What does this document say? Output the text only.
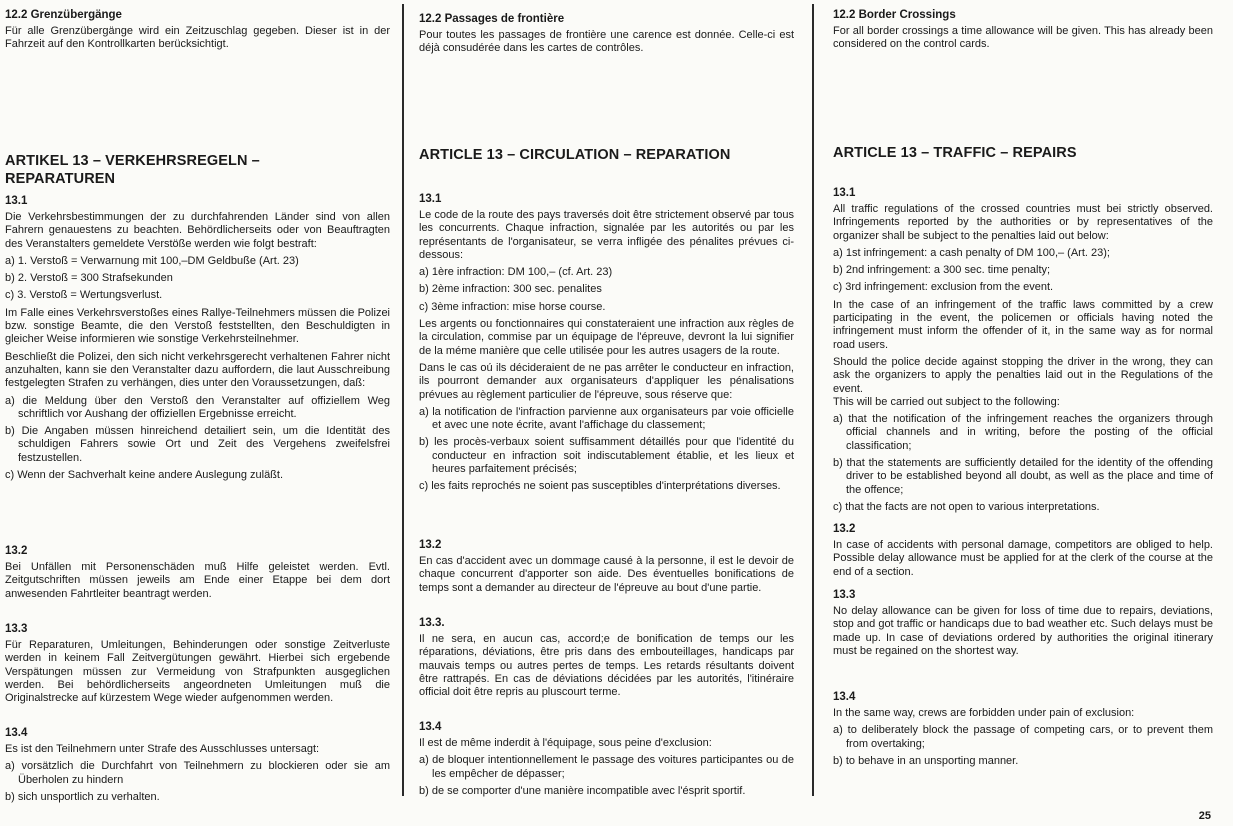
12.2 Grenzübergänge

Für alle Grenzübergänge wird ein Zeitzuschlag gegeben. Dieser ist in der Fahrzeit auf den Kontrollkarten berücksichtigt.

ARTIKEL 13 – VERKEHRSREGELN – REPARATUREN
13.1

Die Verkehrsbestimmungen der zu durchfahrenden Länder sind von allen Fahrern genauestens zu beachten. Behördlicherseits oder von Beauftragten des Veranstalters gemeldete Verstöße werden wie folgt bestraft:

a) 1. Verstoß = Verwarnung mit 100,–DM Geldbuße (Art. 23)

b) 2. Verstoß = 300 Strafsekunden

c) 3. Verstoß = Wertungsverlust.

Im Falle eines Verkehrsverstoßes eines Rallye-Teilnehmers müssen die Polizei bzw. sonstige Beamte, die den Verstoß feststellten, den Beschuldigten in gleicher Weise informieren wie sonstige Verkehrsteilnehmer.

Beschließt die Polizei, den sich nicht verkehrsgerecht verhaltenen Fahrer nicht anzuhalten, kann sie den Veranstalter dazu auffordern, die laut Ausschreibung festgelegten Strafen zu verhängen, dies unter den Voraussetzungen, daß:

a) die Meldung über den Verstoß den Veranstalter auf offiziellem Weg schriftlich vor Aushang der offiziellen Ergebnisse erreicht.

b) Die Angaben müssen hinreichend detailiert sein, um die Identität des schuldigen Fahrers sowie Ort und Zeit des Vergehens zweifelsfrei festzustellen.

c) Wenn der Sachverhalt keine andere Auslegung zuläßt.

13.2

Bei Unfällen mit Personenschäden muß Hilfe geleistet werden. Evtl. Zeitgutschriften müssen jeweils am Ende einer Etappe bei dem dort anwesenden Fahrtleiter beantragt werden.

13.3

Für Reparaturen, Umleitungen, Behinderungen oder sonstige Zeitverluste werden in keinem Fall Zeitvergütungen gewährt. Hierbei sich ergebende Verspätungen müssen zur Vermeidung von Strafpunkten ausgeglichen werden. Bei behördlicherseits angeordneten Umleitungen muß die Originalstrecke auf kürzestem Wege wieder aufgenommen werden.

13.4

Es ist den Teilnehmern unter Strafe des Ausschlusses untersagt:

a) vorsätzlich die Durchfahrt von Teilnehmern zu blockieren oder sie am Überholen zu hindern

b) sich unsportlich zu verhalten.

12.2 Passages de frontière

Pour toutes les passages de frontière une carence est donnée. Celle-ci est déjà consudérée dans les cartes de contrôles.

ARTICLE 13 – CIRCULATION – REPARATION
13.1

Le code de la route des pays traversés doit être strictement observé par tous les concurrents. Chaque infraction, signalée par les autorités ou par les représentants de l'organisateur, se verra infligée des pénalites prévues ci-dessous:

a) 1ère infraction: DM 100,– (cf. Art. 23)

b) 2ème infraction: 300 sec. penalites

c) 3ème infraction: mise horse course.

Les argents ou fonctionnaires qui constateraient une infraction aux règles de la circulation, commise par un équipage de l'épreuve, devront la lui signifier de la méme manière que celle utilisée pour les autres usagers de la route.

Dans le cas oú ils décideraient de ne pas arrêter le conducteur en infraction, ils pourront demander aux organisateurs d'appliquer les pénalisations prévues au règlement particulier de l'épreuve, sous réserve que:

a) la notification de l'infraction parvienne aux organisateurs par voie officielle et avec une note écrite, avant l'affichage du classement;

b) les procès-verbaux soient suffisamment détaillés pour que l'identité du conducteur en infraction soit indiscutablement établie, et les lieux et heures parfaitement précisés;

c) les faits reprochés ne soient pas susceptibles d'interprétations diverses.

13.2

En cas d'accident avec un dommage causé à la personne, il est le devoir de chaque concurrent d'apporter son aide. Des éventuelles bonifications de temps sont a demander au directeur de l'épreuve au bout d'une partie.

13.3.

Il ne sera, en aucun cas, accord;e de bonification de temps our les réparations, déviations, être pris dans des embouteillages, handicaps par mauvais temps ou autres pertes de temps. Les retards résultants doivent être rattrapés. En cas de déviations décidées par les autorités, l'itinéraire official doit être repris au pluscourt terme.

13.4

Il est de même inderdit à l'équipage, sous peine d'exclusion:

a) de bloquer intentionnellement le passage des voitures participantes ou de les empêcher de dépasser;

b) de se comporter d'une manière incompatible avec l'ésprit sportif.

12.2 Border Crossings

For all border crossings a time allowance will be given. This has already been considered on the control cards.

ARTICLE 13 – TRAFFIC – REPAIRS
13.1

All traffic regulations of the crossed countries must bei strictly observed. Infringements reported by the authorities or by representatives of the organizer shall be subject to the penalties laid out below:

a) 1st infringement: a cash penalty of DM 100,– (Art. 23);

b) 2nd infringement: a 300 sec. time penalty;

c) 3rd infringement: exclusion from the event.

In the case of an infringement of the traffic laws committed by a crew participating in the event, the policemen or officials having noted the infringement must inform the offender of it, in the same way as for normal road users.

Should the police decide against stopping the driver in the wrong, they can ask the organizers to apply the penalties laid out in the Regulations of the event.

This will be carried out subject to the following:

a) that the notification of the infringement reaches the organizers through official channels and in writing, before the posting of the official classification;

b) that the statements are sufficiently detailed for the identity of the offending driver to be established beyond all doubt, as well as the place and time of the offence;

c) that the facts are not open to various interpretations.

13.2

In case of accidents with personal damage, competitors are obliged to help. Possible delay allowance must be applied for at the clerk of the course at the end of a section.

13.3

No delay allowance can be given for loss of time due to repairs, deviations, stop and got traffic or handicaps due to bad weather etc. Such delays must be made up. In case of deviations ordered by authorities the original itinerary must be regained on the shortest way.

13.4

In the same way, crews are forbidden under pain of exclusion:

a) to deliberately block the passage of competing cars, or to prevent them from overtaking;

b) to behave in an unsporting manner.

25
